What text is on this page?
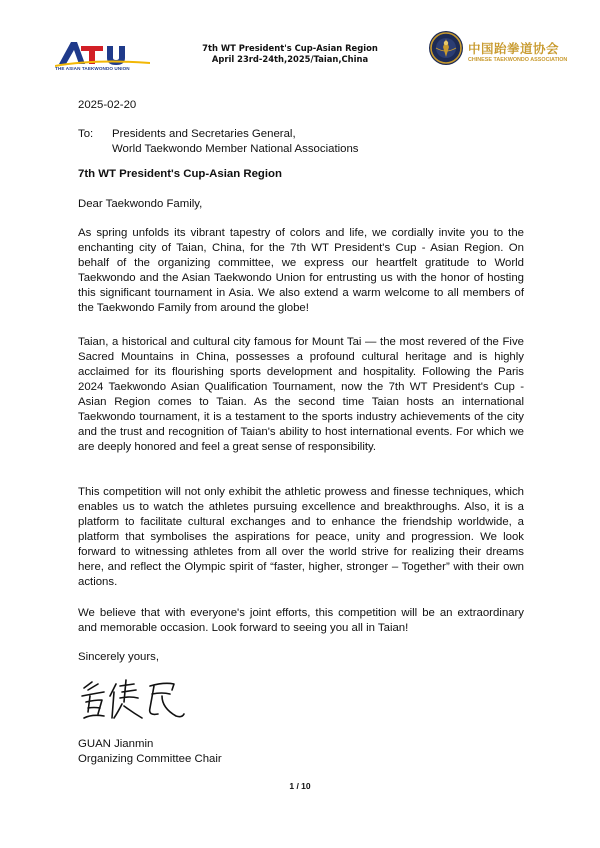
THE ASIAN TAEKWONDO UNION
7th WT President's Cup-Asian Region
April 23rd-24th,2025/Taian,China
中国跆拳道协会
CHINESE TAEKWONDO ASSOCIATION
2025-02-20
To: Presidents and Secretaries General,
World Taekwondo Member National Associations
7th WT President's Cup-Asian Region
Dear Taekwondo Family,
As spring unfolds its vibrant tapestry of colors and life, we cordially invite you to the enchanting city of Taian, China, for the 7th WT President's Cup - Asian Region. On behalf of the organizing committee, we express our heartfelt gratitude to World Taekwondo and the Asian Taekwondo Union for entrusting us with the honor of hosting this significant tournament in Asia. We also extend a warm welcome to all members of the Taekwondo Family from around the globe!
Taian, a historical and cultural city famous for Mount Tai — the most revered of the Five Sacred Mountains in China, possesses a profound cultural heritage and is highly acclaimed for its flourishing sports development and hospitality. Following the Paris 2024 Taekwondo Asian Qualification Tournament, now the 7th WT President's Cup - Asian Region comes to Taian. As the second time Taian hosts an international Taekwondo tournament, it is a testament to the sports industry achievements of the city and the trust and recognition of Taian's ability to host international events. For which we are deeply honored and feel a great sense of responsibility.
This competition will not only exhibit the athletic prowess and finesse techniques, which enables us to watch the athletes pursuing excellence and breakthroughs. Also, it is a platform to facilitate cultural exchanges and to enhance the friendship worldwide, a platform that symbolises the aspirations for peace, unity and progression. We look forward to witnessing athletes from all over the world strive for realizing their dreams here, and reflect the Olympic spirit of “faster, higher, stronger – Together” with their own actions.
We believe that with everyone's joint efforts, this competition will be an extraordinary and memorable occasion. Look forward to seeing you all in Taian!
Sincerely yours,
GUAN Jianmin
Organizing Committee Chair
1 / 10
